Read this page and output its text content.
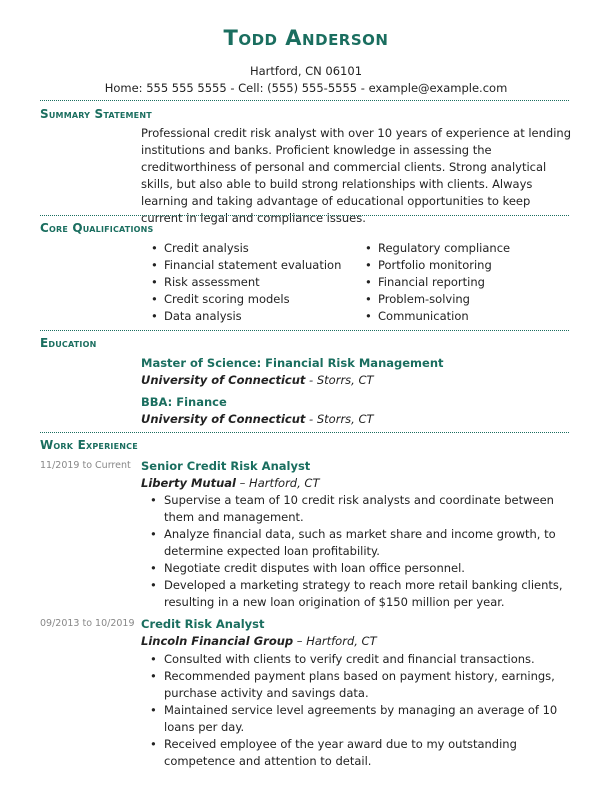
Todd Anderson
Hartford, CN 06101
Home: 555 555 5555 - Cell: (555) 555-5555 - example@example.com
Summary Statement
Professional credit risk analyst with over 10 years of experience at lending institutions and banks. Proficient knowledge in assessing the creditworthiness of personal and commercial clients. Strong analytical skills, but also able to build strong relationships with clients. Always learning and taking advantage of educational opportunities to keep current in legal and compliance issues.
Core Qualifications
• Credit analysis
• Financial statement evaluation
• Risk assessment
• Credit scoring models
• Data analysis
• Regulatory compliance
• Portfolio monitoring
• Financial reporting
• Problem-solving
• Communication
Education
Master of Science: Financial Risk Management
University of Connecticut - Storrs, CT
BBA: Finance
University of Connecticut - Storrs, CT
Work Experience
11/2019 to Current Senior Credit Risk Analyst
Liberty Mutual – Hartford, CT
• Supervise a team of 10 credit risk analysts and coordinate between them and management.
• Analyze financial data, such as market share and income growth, to determine expected loan profitability.
• Negotiate credit disputes with loan office personnel.
• Developed a marketing strategy to reach more retail banking clients, resulting in a new loan origination of $150 million per year.
09/2013 to 10/2019 Credit Risk Analyst
Lincoln Financial Group – Hartford, CT
• Consulted with clients to verify credit and financial transactions.
• Recommended payment plans based on payment history, earnings, purchase activity and savings data.
• Maintained service level agreements by managing an average of 10 loans per day.
• Received employee of the year award due to my outstanding competence and attention to detail.
